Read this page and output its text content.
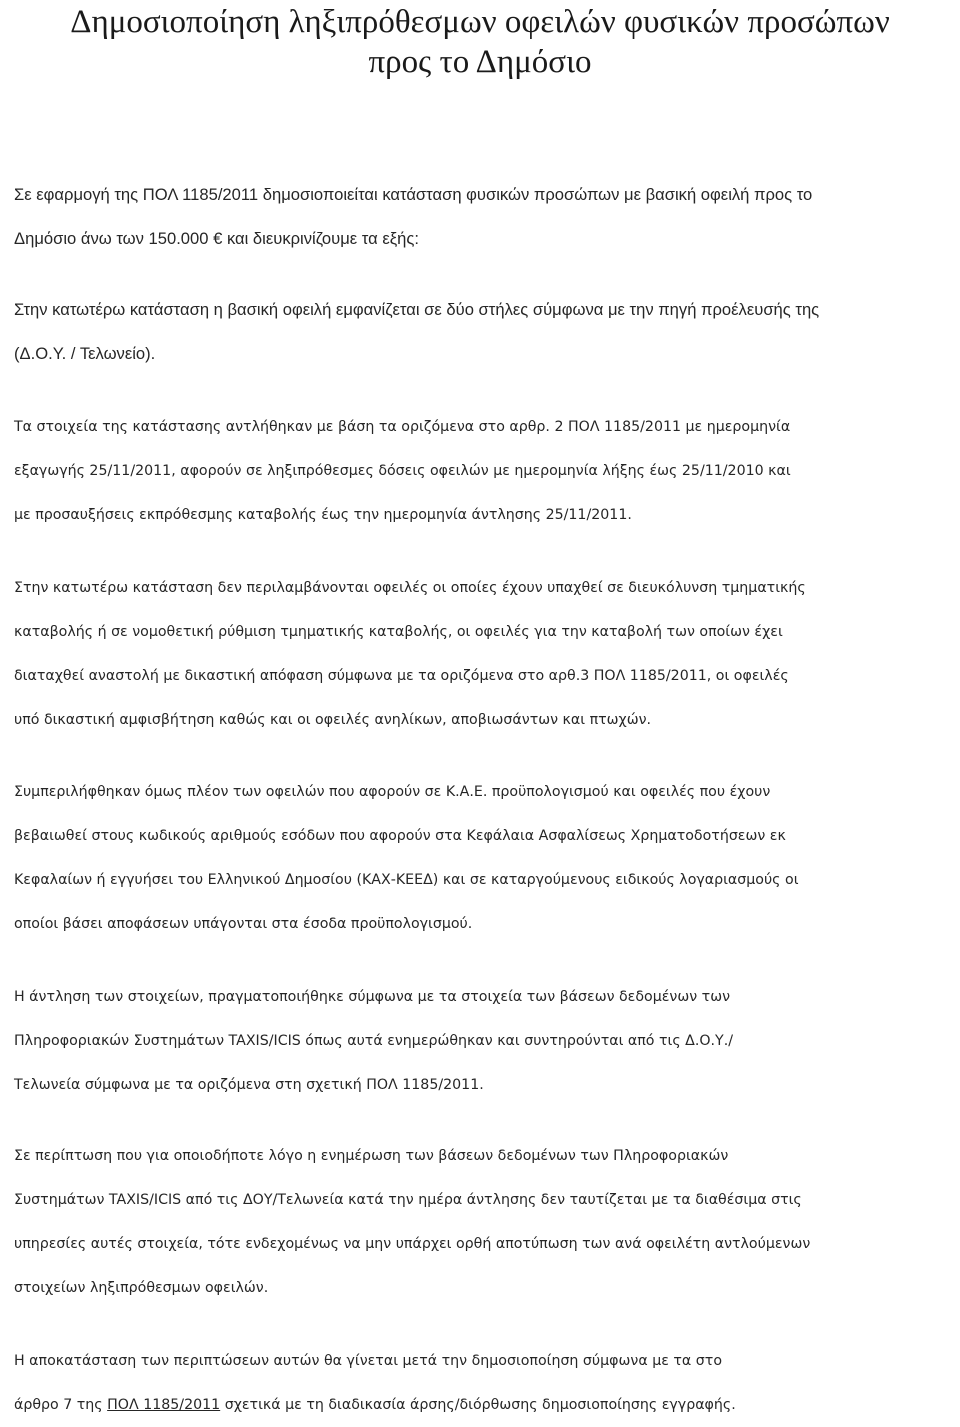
Δημοσιοποίηση ληξιπρόθεσμων οφειλών φυσικών προσώπων
προς το Δημόσιο

Σε εφαρμογή της ΠΟΛ 1185/2011 δημοσιοποιείται κατάσταση φυσικών προσώπων με βασική οφειλή προς το
Δημόσιο άνω των 150.000 € και διευκρινίζουμε τα εξής:

Στην κατωτέρω κατάσταση η βασική οφειλή εμφανίζεται σε δύο στήλες σύμφωνα με την πηγή προέλευσής της
(Δ.Ο.Υ. / Τελωνείο).

Τα στοιχεία της κατάστασης αντλήθηκαν με βάση τα οριζόμενα στο αρθρ. 2 ΠΟΛ 1185/2011 με ημερομηνία
εξαγωγής 25/11/2011, αφορούν σε ληξιπρόθεσμες δόσεις οφειλών με ημερομηνία λήξης έως 25/11/2010 και
με προσαυξήσεις εκπρόθεσμης καταβολής έως την ημερομηνία άντλησης 25/11/2011.

Στην κατωτέρω κατάσταση δεν περιλαμβάνονται οφειλές οι οποίες έχουν υπαχθεί σε διευκόλυνση τμηματικής
καταβολής ή σε νομοθετική ρύθμιση τμηματικής καταβολής, οι οφειλές για την καταβολή των οποίων έχει
διαταχθεί αναστολή με δικαστική απόφαση σύμφωνα με τα οριζόμενα στο αρθ.3 ΠΟΛ 1185/2011, οι οφειλές
υπό δικαστική αμφισβήτηση καθώς και οι οφειλές ανηλίκων, αποβιωσάντων και πτωχών.

Συμπεριλήφθηκαν όμως πλέον των οφειλών που αφορούν σε Κ.Α.Ε. προϋπολογισμού και οφειλές που έχουν
βεβαιωθεί στους κωδικούς αριθμούς εσόδων που αφορούν στα Κεφάλαια Ασφαλίσεως Χρηματοδοτήσεων εκ
Κεφαλαίων ή εγγυήσει του Ελληνικού Δημοσίου (ΚΑΧ-ΚΕΕΔ) και σε καταργούμενους ειδικούς λογαριασμούς οι
οποίοι βάσει αποφάσεων υπάγονται στα έσοδα προϋπολογισμού.

Η άντληση των στοιχείων, πραγματοποιήθηκε σύμφωνα με τα στοιχεία των βάσεων δεδομένων των
Πληροφοριακών Συστημάτων TAXIS/ICIS όπως αυτά ενημερώθηκαν και συντηρούνται από τις Δ.Ο.Υ./
Τελωνεία σύμφωνα με τα οριζόμενα στη σχετική ΠΟΛ 1185/2011.

Σε περίπτωση που για οποιοδήποτε λόγο η ενημέρωση των βάσεων δεδομένων των Πληροφοριακών
Συστημάτων TAXIS/ICIS από τις ΔΟΥ/Τελωνεία κατά την ημέρα άντλησης δεν ταυτίζεται με τα διαθέσιμα στις
υπηρεσίες αυτές στοιχεία, τότε ενδεχομένως να μην υπάρχει ορθή αποτύπωση των ανά οφειλέτη αντλούμενων
στοιχείων ληξιπρόθεσμων οφειλών.

Η αποκατάσταση των περιπτώσεων αυτών θα γίνεται μετά την δημοσιοποίηση σύμφωνα με τα στο
άρθρο 7 της ΠΟΛ 1185/2011 σχετικά με τη διαδικασία άρσης/διόρθωσης δημοσιοποίησης εγγραφής.
